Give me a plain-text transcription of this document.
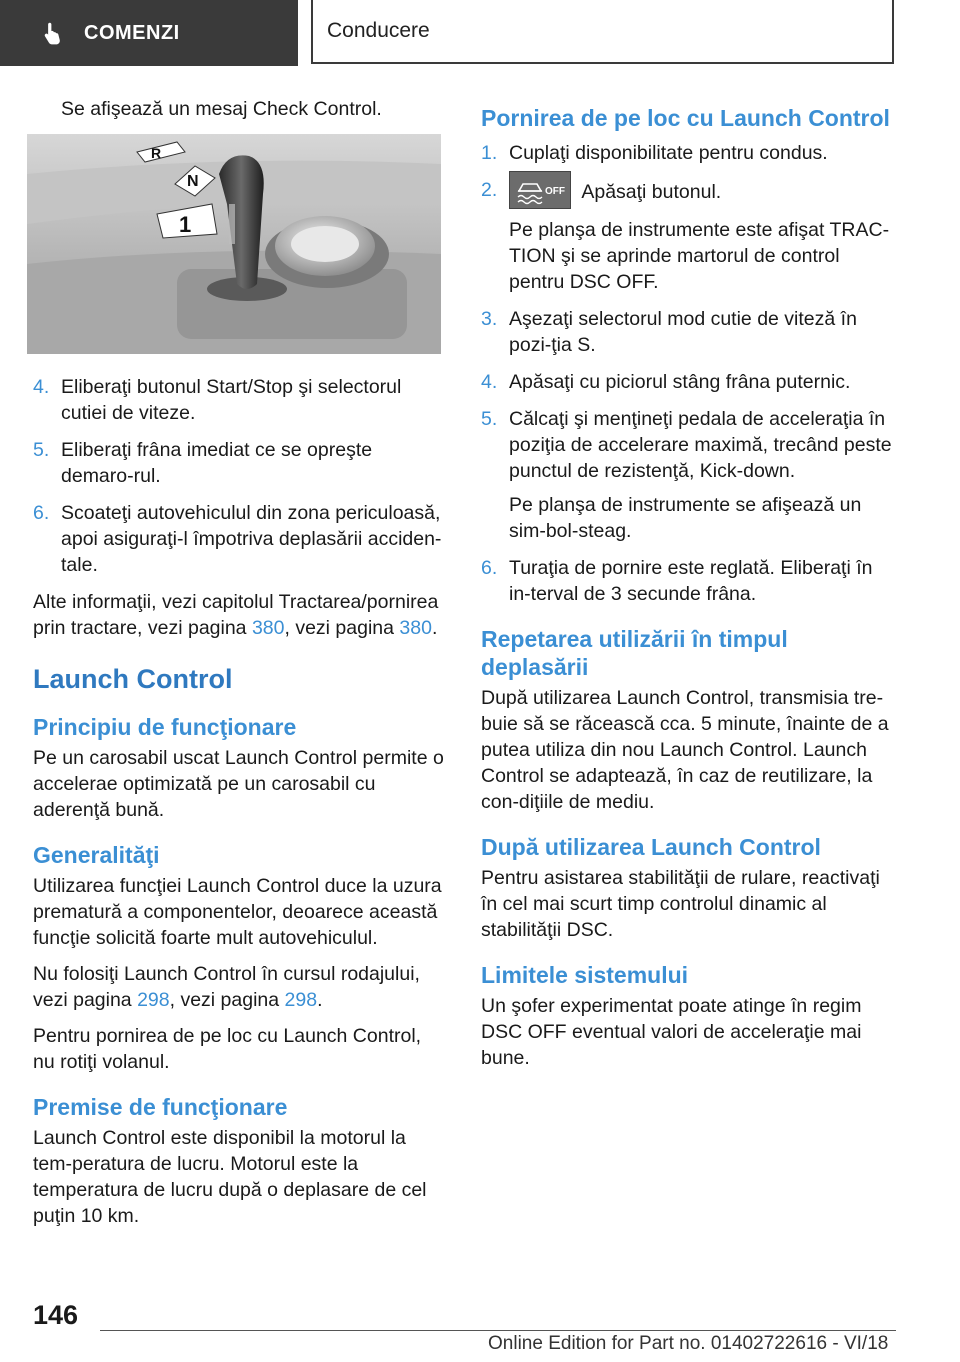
COMENZI	Conducere

Se afişează un mesaj Check Control.

R
N
1
4. Eliberaţi butonul Start/Stop şi selectorul cutiei de viteze.
5. Eliberaţi frâna imediat ce se opreşte demaro‐rul.
6. Scoateţi autovehiculul din zona periculoasă, apoi asiguraţi-l împotriva deplasării acciden‐tale.

Alte informaţii, vezi capitolul Tractarea/pornirea prin tractare, vezi pagina 380, vezi pagina 380.

Launch Control
Principiu de funcţionare

Pe un carosabil uscat Launch Control permite o accelerae optimizată pe un carosabil cu aderenţă bună.

Generalităţi

Utilizarea funcţiei Launch Control duce la uzura prematură a componentelor, deoarece această funcţie solicită foarte mult autovehiculul.

Nu folosiţi Launch Control în cursul rodajului, vezi pagina 298, vezi pagina 298.

Pentru pornirea de pe loc cu Launch Control, nu rotiţi volanul.

Premise de funcţionare

Launch Control este disponibil la motorul la tem‐peratura de lucru. Motorul este la temperatura de lucru după o deplasare de cel puţin 10 km.

Pornirea de pe loc cu Launch Control
1. Cuplaţi disponibilitate pentru condus.
2.	OFF Apăsaţi butonul.
Pe planşa de instrumente este afişat TRAC‐TION şi se aprinde martorul de control pentru DSC OFF.
3. Aşezaţi selectorul mod cutie de viteză în pozi‐ţia S.
4. Apăsaţi cu piciorul stâng frâna puternic.
5. Călcaţi şi menţineţi pedala de acceleraţia în poziţia de accelerare maximă, trecând peste punctul de rezistenţă, Kick-down.
Pe planşa de instrumente se afişează un sim‐bol-steag.
6. Turaţia de pornire este reglată. Eliberaţi în in‐terval de 3 secunde frâna.
Repetarea utilizării în timpul deplasării

După utilizarea Launch Control, transmisia tre‐buie să se răcească cca. 5 minute, înainte de a putea utiliza din nou Launch Control. Launch Control se adaptează, în caz de reutilizare, la con‐diţiile de mediu.

După utilizarea Launch Control

Pentru asistarea stabilităţii de rulare, reactivaţi în cel mai scurt timp controlul dinamic al stabilităţii DSC.

Limitele sistemului

Un şofer experimentat poate atinge în regim DSC OFF eventual valori de acceleraţie mai bune.

146
Online Edition for Part no. 01402722616 - VI/18
